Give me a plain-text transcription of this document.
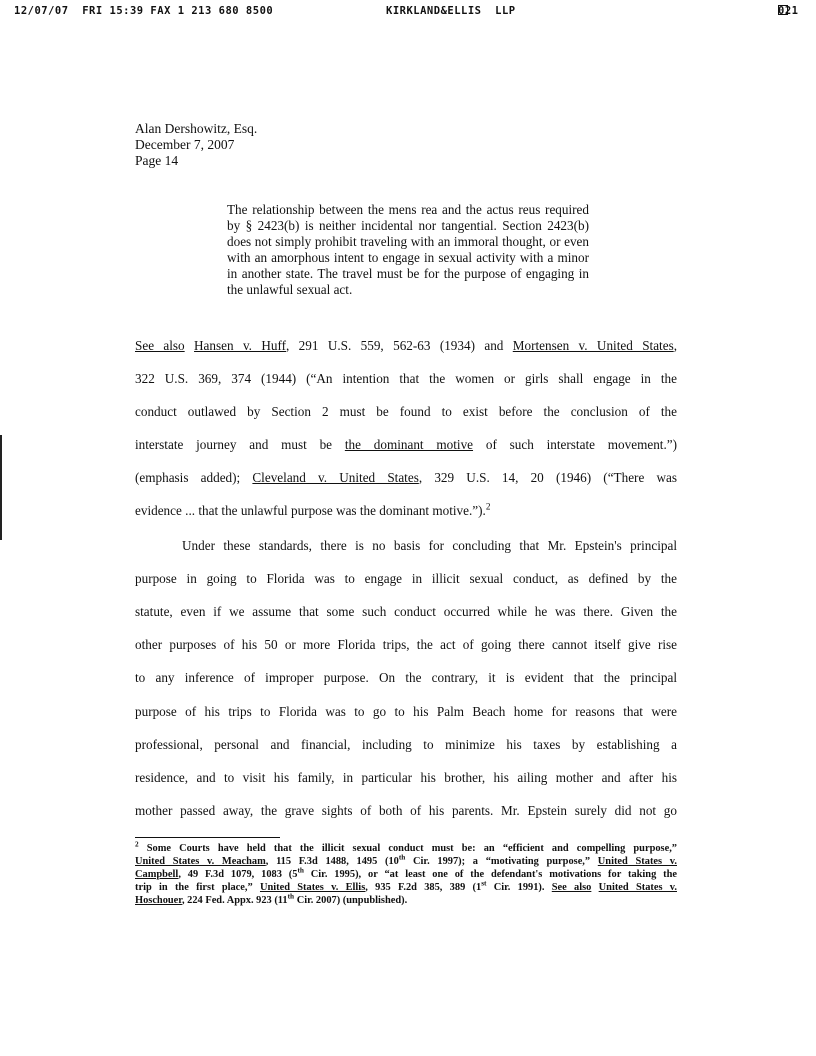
12/07/07  FRI 15:39 FAX 1 213 680 8500	KIRKLAND&ELLIS  LLP	021
Alan Dershowitz, Esq.
December 7, 2007
Page 14
The relationship between the mens rea and the actus reus required by § 2423(b) is neither incidental nor tangential. Section 2423(b) does not simply prohibit traveling with an immoral thought, or even with an amorphous intent to engage in sexual activity with a minor in another state. The travel must be for the purpose of engaging in the unlawful sexual act.
See also Hansen v. Huff, 291 U.S. 559, 562-63 (1934) and Mortensen v. United States,
322 U.S. 369, 374 (1944) (“An intention that the women or girls shall engage in the
conduct outlawed by Section 2 must be found to exist before the conclusion of the
interstate journey and must be the dominant motive of such interstate movement.”)
(emphasis added); Cleveland v. United States, 329 U.S. 14, 20 (1946) (“There was
evidence ... that the unlawful purpose was the dominant motive.”).$^2$
Under these standards, there is no basis for concluding that Mr. Epstein's principal
purpose in going to Florida was to engage in illicit sexual conduct, as defined by the
statute, even if we assume that some such conduct occurred while he was there. Given the
other purposes of his 50 or more Florida trips, the act of going there cannot itself give rise
to any inference of improper purpose. On the contrary, it is evident that the principal
purpose of his trips to Florida was to go to his Palm Beach home for reasons that were
professional, personal and financial, including to minimize his taxes by establishing a
residence, and to visit his family, in particular his brother, his ailing mother and after his
mother passed away, the grave sights of both of his parents. Mr. Epstein surely did not go
$^2$ Some Courts have held that the illicit sexual conduct must be: an “efficient and compelling purpose,”
United States v. Meacham, 115 F.3d 1488, 1495 (10th Cir. 1997); a “motivating purpose,” United States v.
Campbell, 49 F.3d 1079, 1083 (5th Cir. 1995), or “at least one of the defendant's motivations for taking the
trip in the first place,” United States v. Ellis, 935 F.2d 385, 389 (1st Cir. 1991). See also United States v.
Hoschouer, 224 Fed. Appx. 923 (11th Cir. 2007) (unpublished).
